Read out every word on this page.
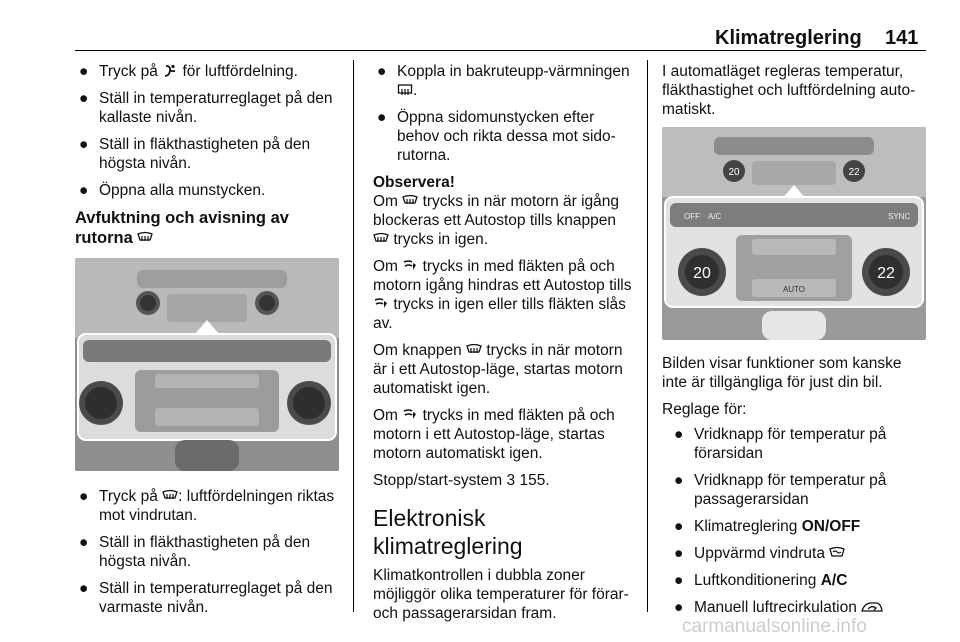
Klimatreglering 141
● Tryck på för luftfördelning.
● Ställ in temperaturreglaget på den kallaste nivån.
● Ställ in fläkthastigheten på den högsta nivån.
● Öppna alla munstycken.
Avfuktning och avisning av rutorna
● Tryck på : luftfördelningen riktas mot vindrutan.
● Ställ in fläkthastigheten på den högsta nivån.
● Ställ in temperaturreglaget på den varmaste nivån.
● Koppla in bakruteupp-värmningen
.
● Öppna sidomunstycken efter behov och rikta dessa mot sido-rutorna.
Observera!
Om trycks in när motorn är igång blockeras ett Autostop tills knappen
trycks in igen.
Om trycks in med fläkten på och motorn igång hindras ett Autostop tills
trycks in igen eller tills fläkten slås av.
Om knappen trycks in när motorn är i ett Autostop-läge, startas motorn automatiskt igen.
Om trycks in med fläkten på och motorn i ett Autostop-läge, startas motorn automatiskt igen.
Stopp/start-system 3 155.
Elektronisk klimatreglering
Klimatkontrollen i dubbla zoner möjliggör olika temperaturer för förar- och passagerarsidan fram.
I automatläget regleras temperatur, fläkthastighet och luftfördelning auto-matiskt.
20	22
OFF A/C	SYNC
20	22
AUTO
Bilden visar funktioner som kanske inte är tillgängliga för just din bil.
Reglage för:
● Vridknapp för temperatur på förarsidan
● Vridknapp för temperatur på passagerarsidan
● Klimatreglering ON/OFF
● Uppvärmd vindruta
● Luftkonditionering A/C
● Manuell luftrecirkulation
carmanualsonline.info
